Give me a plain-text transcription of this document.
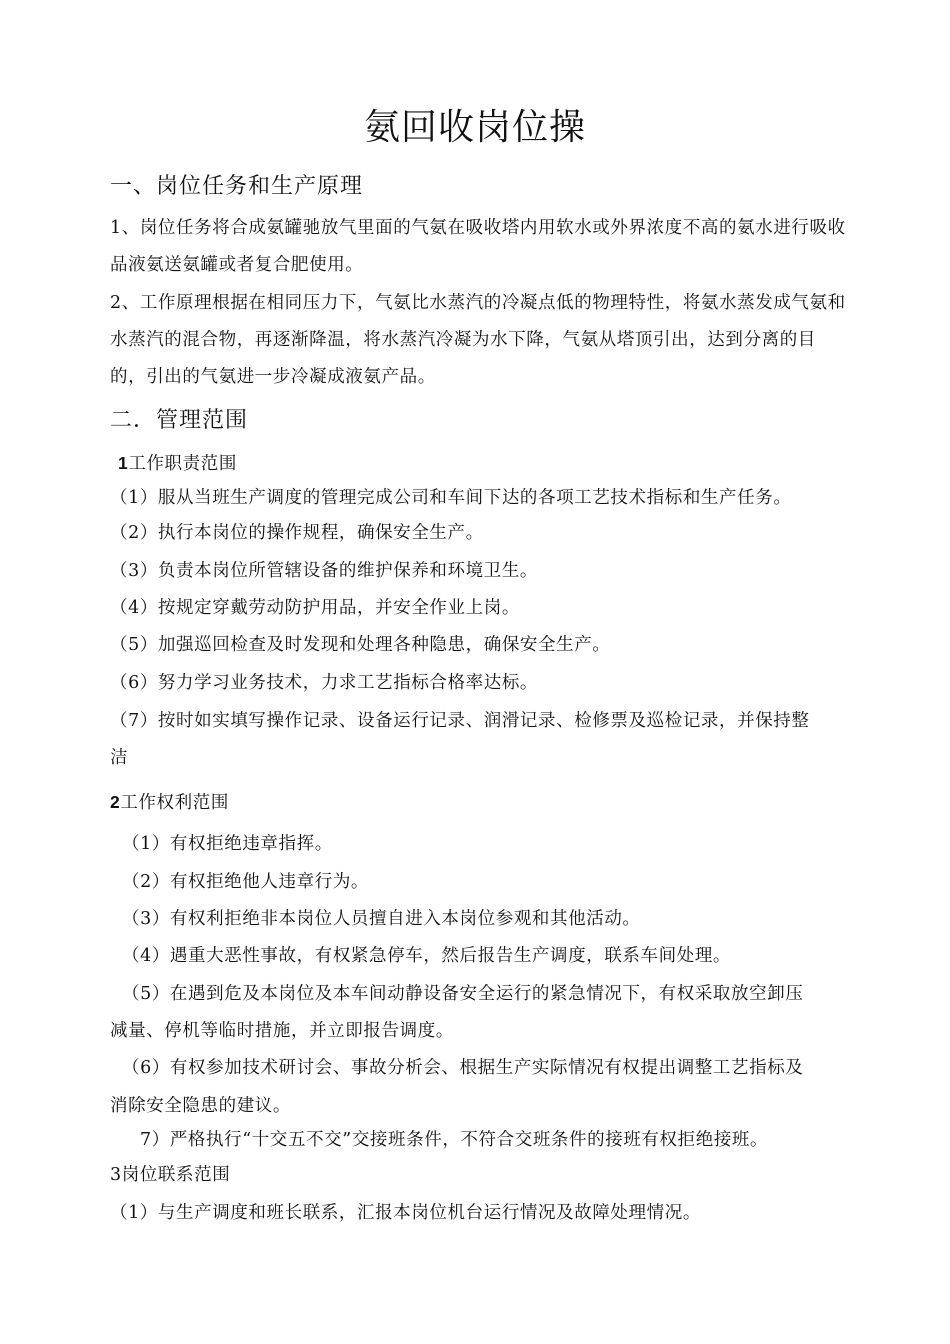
氨回收岗位操
一、岗位任务和生产原理

1、岗位任务将合成氨罐驰放气里面的气氨在吸收塔内用软水或外界浓度不高的氨水进行吸收品液氨送氨罐或者复合肥使用。

2、工作原理根据在相同压力下，气氨比水蒸汽的冷凝点低的物理特性，将氨水蒸发成气氨和水蒸汽的混合物，再逐渐降温，将水蒸汽冷凝为水下降，气氨从塔顶引出，达到分离的目的，引出的气氨进一步冷凝成液氨产品。

二．管理范围
1工作职责范围
（1）服从当班生产调度的管理完成公司和车间下达的各项工艺技术指标和生产任务。
（2）执行本岗位的操作规程，确保安全生产。
（3）负责本岗位所管辖设备的维护保养和环境卫生。
（4）按规定穿戴劳动防护用品，并安全作业上岗。
（5）加强巡回检查及时发现和处理各种隐患，确保安全生产。
（6）努力学习业务技术，力求工艺指标合格率达标。
（7）按时如实填写操作记录、设备运行记录、润滑记录、检修票及巡检记录，并保持整
洁
2工作权利范围
（1）有权拒绝违章指挥。
（2）有权拒绝他人违章行为。
（3）有权利拒绝非本岗位人员擅自进入本岗位参观和其他活动。
（4）遇重大恶性事故，有权紧急停车，然后报告生产调度，联系车间处理。
（5）在遇到危及本岗位及本车间动静设备安全运行的紧急情况下，有权采取放空卸压
减量、停机等临时措施，并立即报告调度。
（6）有权参加技术研讨会、事故分析会、根据生产实际情况有权提出调整工艺指标及
消除安全隐患的建议。
7）严格执行“十交五不交”交接班条件，不符合交班条件的接班有权拒绝接班。
3岗位联系范围
（1）与生产调度和班长联系，汇报本岗位机台运行情况及故障处理情况。
